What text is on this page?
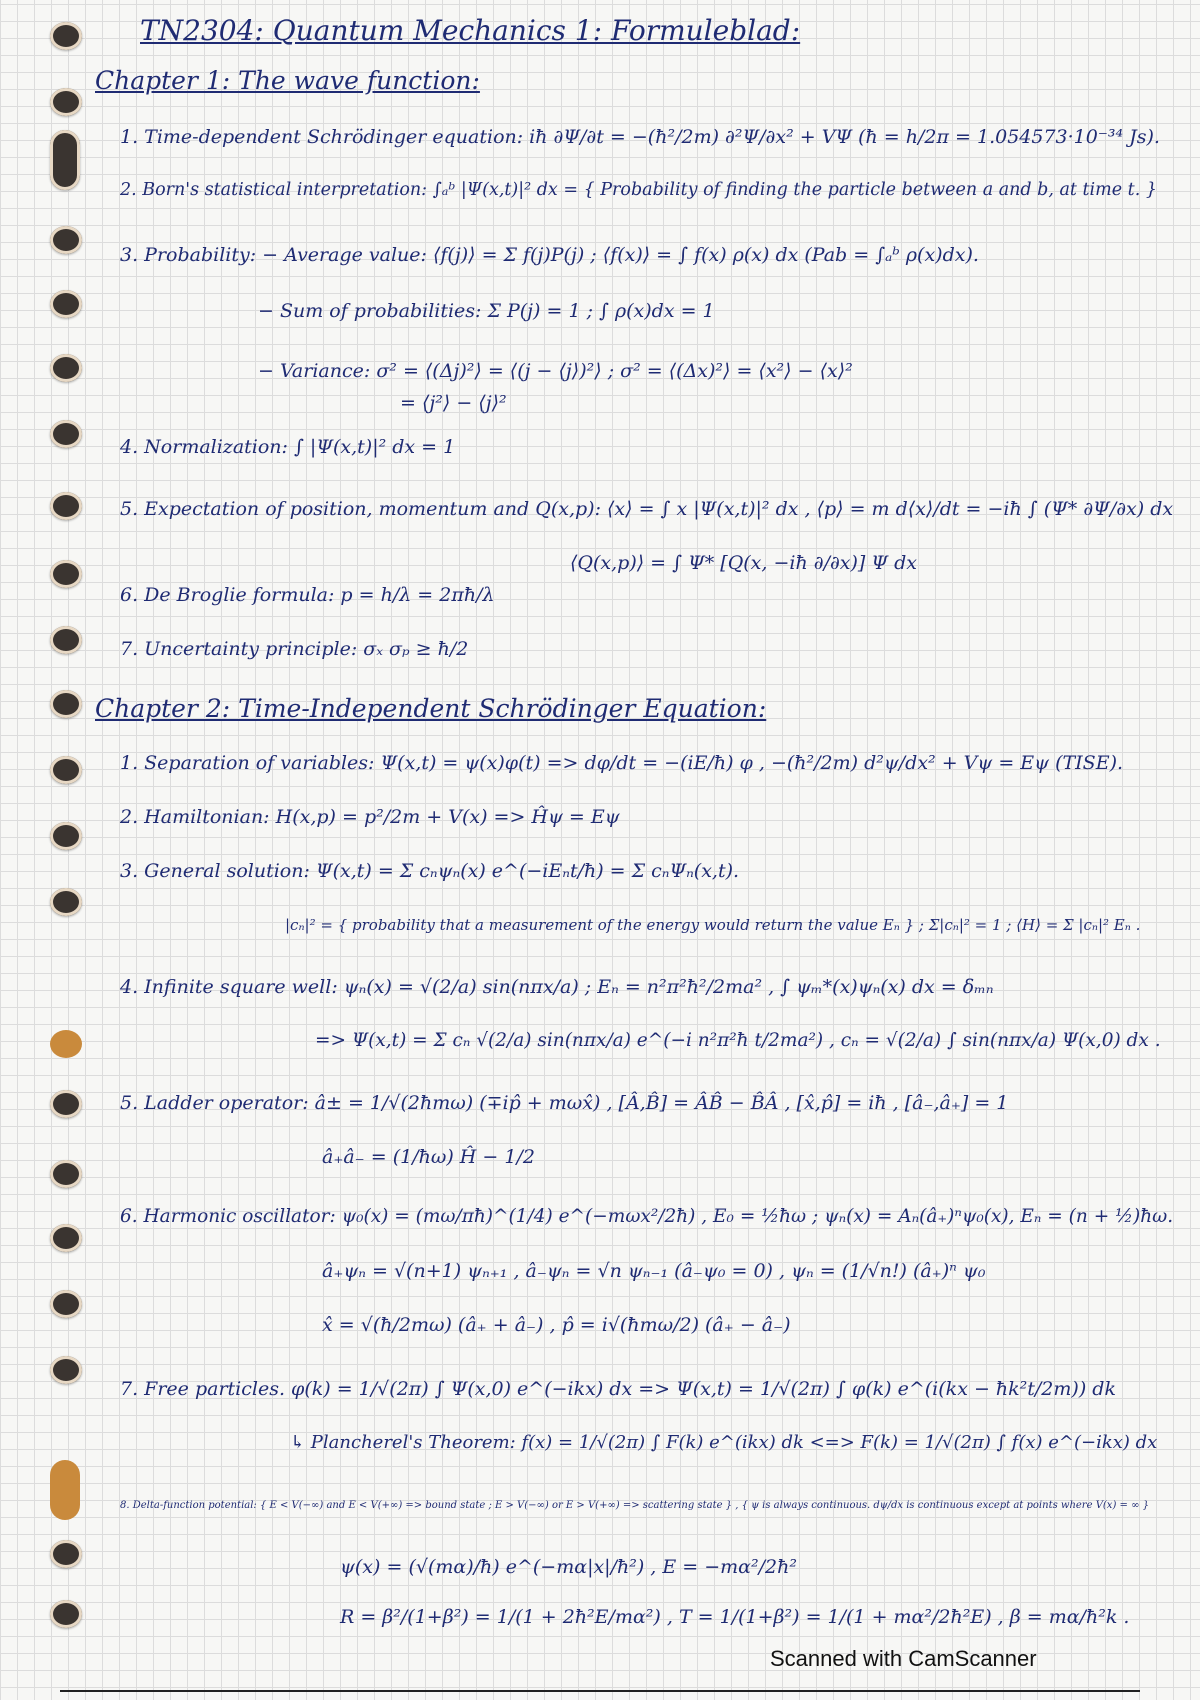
TN2304: Quantum Mechanics 1: Formuleblad:
Chapter 1: The wave function:
1. Time-dependent Schrödinger equation: iħ ∂Ψ/∂t = −(ħ²/2m) ∂²Ψ/∂x² + VΨ (ħ = h/2π = 1.054573·10⁻³⁴ Js).
2. Born's statistical interpretation: ∫ₐᵇ |Ψ(x,t)|² dx = { Probability of finding the particle between a and b, at time t. }
3. Probability: − Average value: ⟨f(j)⟩ = Σ f(j)P(j) ; ⟨f(x)⟩ = ∫ f(x) ρ(x) dx (Pab = ∫ₐᵇ ρ(x)dx).
− Sum of probabilities: Σ P(j) = 1 ; ∫ ρ(x)dx = 1
− Variance: σ² = ⟨(Δj)²⟩ = ⟨(j − ⟨j⟩)²⟩ ; σ² = ⟨(Δx)²⟩ = ⟨x²⟩ − ⟨x⟩²
= ⟨j²⟩ − ⟨j⟩²
4. Normalization: ∫ |Ψ(x,t)|² dx = 1
5. Expectation of position, momentum and Q(x,p): ⟨x⟩ = ∫ x |Ψ(x,t)|² dx , ⟨p⟩ = m d⟨x⟩/dt = −iħ ∫ (Ψ* ∂Ψ/∂x) dx
⟨Q(x,p)⟩ = ∫ Ψ* [Q(x, −iħ ∂/∂x)] Ψ dx
6. De Broglie formula: p = h/λ = 2πħ/λ
7. Uncertainty principle: σₓ σₚ ≥ ħ/2
Chapter 2: Time-Independent Schrödinger Equation:
1. Separation of variables: Ψ(x,t) = ψ(x)φ(t) => dφ/dt = −(iE/ħ) φ , −(ħ²/2m) d²ψ/dx² + Vψ = Eψ (TISE).
2. Hamiltonian: H(x,p) = p²/2m + V(x) => Ĥψ = Eψ
3. General solution: Ψ(x,t) = Σ cₙψₙ(x) e^(−iEₙt/ħ) = Σ cₙΨₙ(x,t).
|cₙ|² = { probability that a measurement of the energy would return the value Eₙ } ; Σ|cₙ|² = 1 ; ⟨H⟩ = Σ |cₙ|² Eₙ .
4. Infinite square well: ψₙ(x) = √(2/a) sin(nπx/a) ; Eₙ = n²π²ħ²/2ma² , ∫ ψₘ*(x)ψₙ(x) dx = δₘₙ
=> Ψ(x,t) = Σ cₙ √(2/a) sin(nπx/a) e^(−i n²π²ħ t/2ma²) , cₙ = √(2/a) ∫ sin(nπx/a) Ψ(x,0) dx .
5. Ladder operator: â± = 1/√(2ħmω) (∓ip̂ + mωx̂) , [Â,B̂] = ÂB̂ − B̂Â , [x̂,p̂] = iħ , [â₋,â₊] = 1
â₊â₋ = (1/ħω) Ĥ − 1/2
6. Harmonic oscillator: ψ₀(x) = (mω/πħ)^(1/4) e^(−mωx²/2ħ) , E₀ = ½ħω ; ψₙ(x) = Aₙ(â₊)ⁿψ₀(x), Eₙ = (n + ½)ħω.
â₊ψₙ = √(n+1) ψₙ₊₁ , â₋ψₙ = √n ψₙ₋₁ (â₋ψ₀ = 0) , ψₙ = (1/√n!) (â₊)ⁿ ψ₀
x̂ = √(ħ/2mω) (â₊ + â₋) , p̂ = i√(ħmω/2) (â₊ − â₋)
7. Free particles. φ(k) = 1/√(2π) ∫ Ψ(x,0) e^(−ikx) dx => Ψ(x,t) = 1/√(2π) ∫ φ(k) e^(i(kx − ħk²t/2m)) dk
↳ Plancherel's Theorem: f(x) = 1/√(2π) ∫ F(k) e^(ikx) dk <=> F(k) = 1/√(2π) ∫ f(x) e^(−ikx) dx
8. Delta-function potential: { E < V(−∞) and E < V(+∞) => bound state ; E > V(−∞) or E > V(+∞) => scattering state } , { ψ is always continuous. dψ/dx is continuous except at points where V(x) = ∞ }
ψ(x) = (√(mα)/ħ) e^(−mα|x|/ħ²) , E = −mα²/2ħ²
R = β²/(1+β²) = 1/(1 + 2ħ²E/mα²) , T = 1/(1+β²) = 1/(1 + mα²/2ħ²E) , β = mα/ħ²k .
Scanned with CamScanner
